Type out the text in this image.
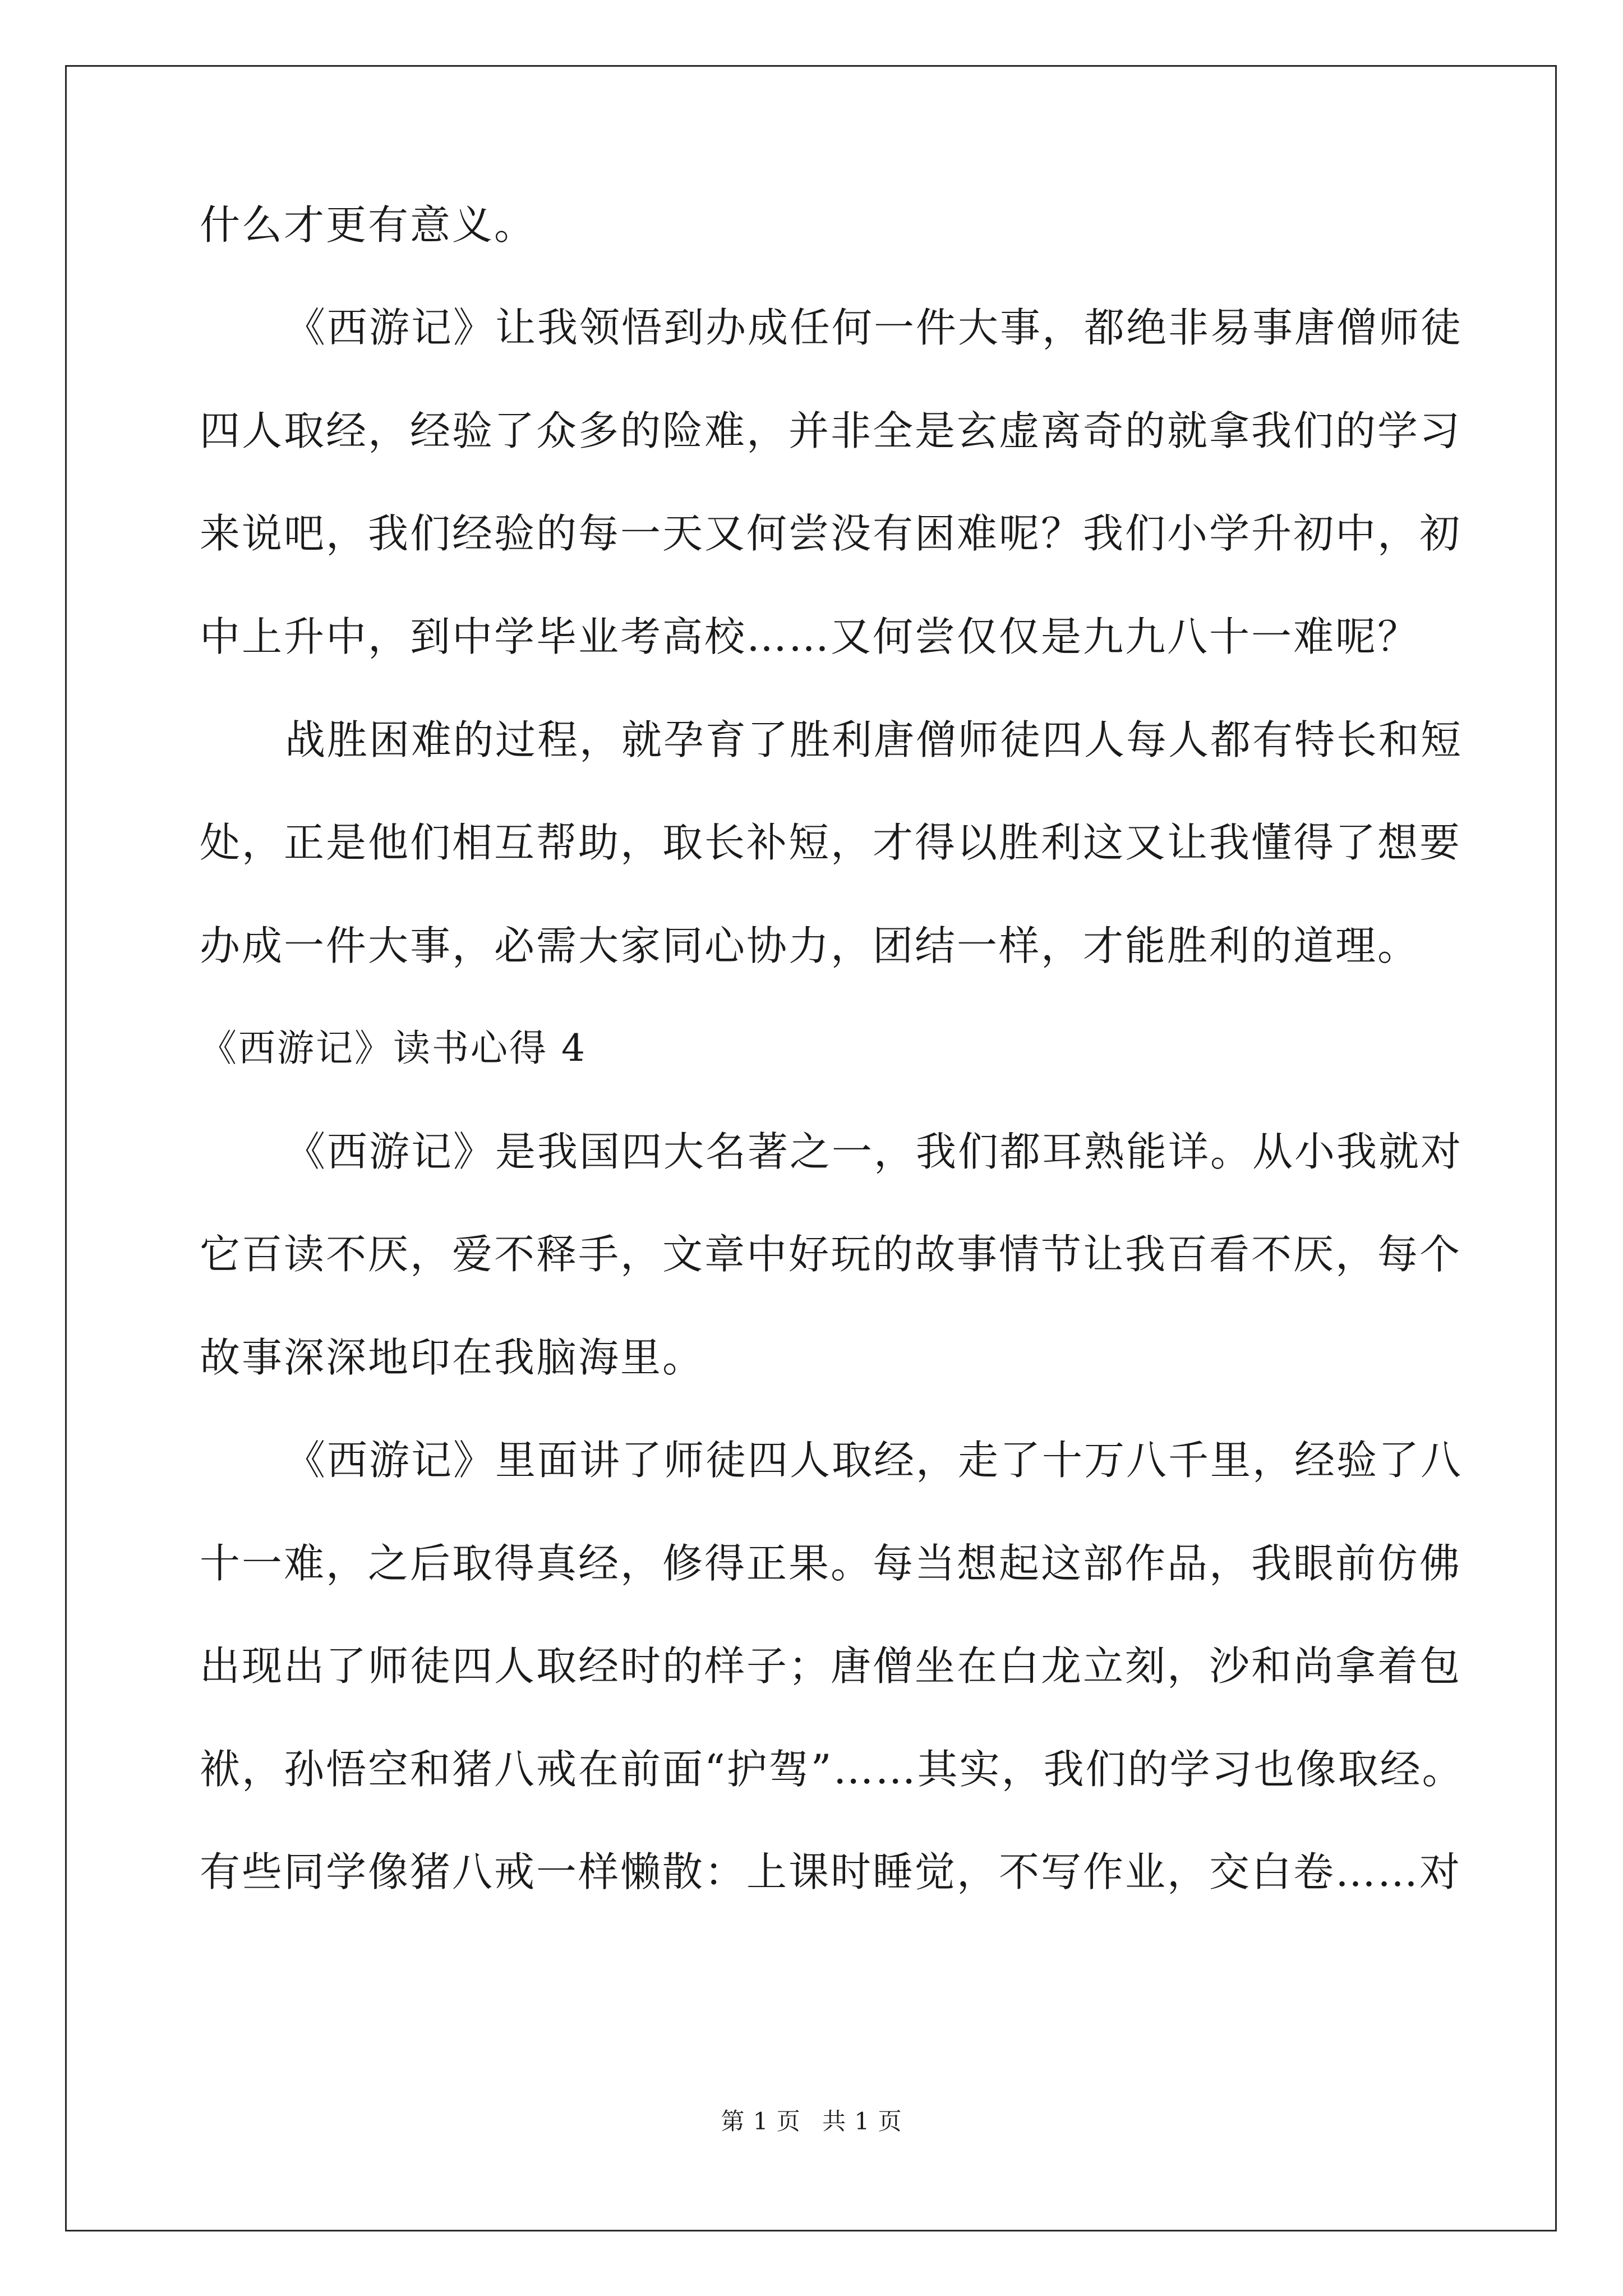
什么才更有意义。
《西游记》让我领悟到办成任何一件大事，都绝非易事唐僧师徒
四人取经，经验了众多的险难，并非全是玄虚离奇的就拿我们的学习
来说吧，我们经验的每一天又何尝没有困难呢？我们小学升初中，初
中上升中，到中学毕业考高校……又何尝仅仅是九九八十一难呢？
战胜困难的过程，就孕育了胜利唐僧师徒四人每人都有特长和短
处，正是他们相互帮助，取长补短，才得以胜利这又让我懂得了想要
办成一件大事，必需大家同心协力，团结一样，才能胜利的道理。
《西游记》读书心得 4
《西游记》是我国四大名著之一，我们都耳熟能详。从小我就对
它百读不厌，爱不释手，文章中好玩的故事情节让我百看不厌，每个
故事深深地印在我脑海里。
《西游记》里面讲了师徒四人取经，走了十万八千里，经验了八
十一难，之后取得真经，修得正果。每当想起这部作品，我眼前仿佛
出现出了师徒四人取经时的样子；唐僧坐在白龙立刻，沙和尚拿着包
袱，孙悟空和猪八戒在前面“护驾”……其实，我们的学习也像取经。
有些同学像猪八戒一样懒散：上课时睡觉，不写作业，交白卷……对
第 1 页 共 1 页
